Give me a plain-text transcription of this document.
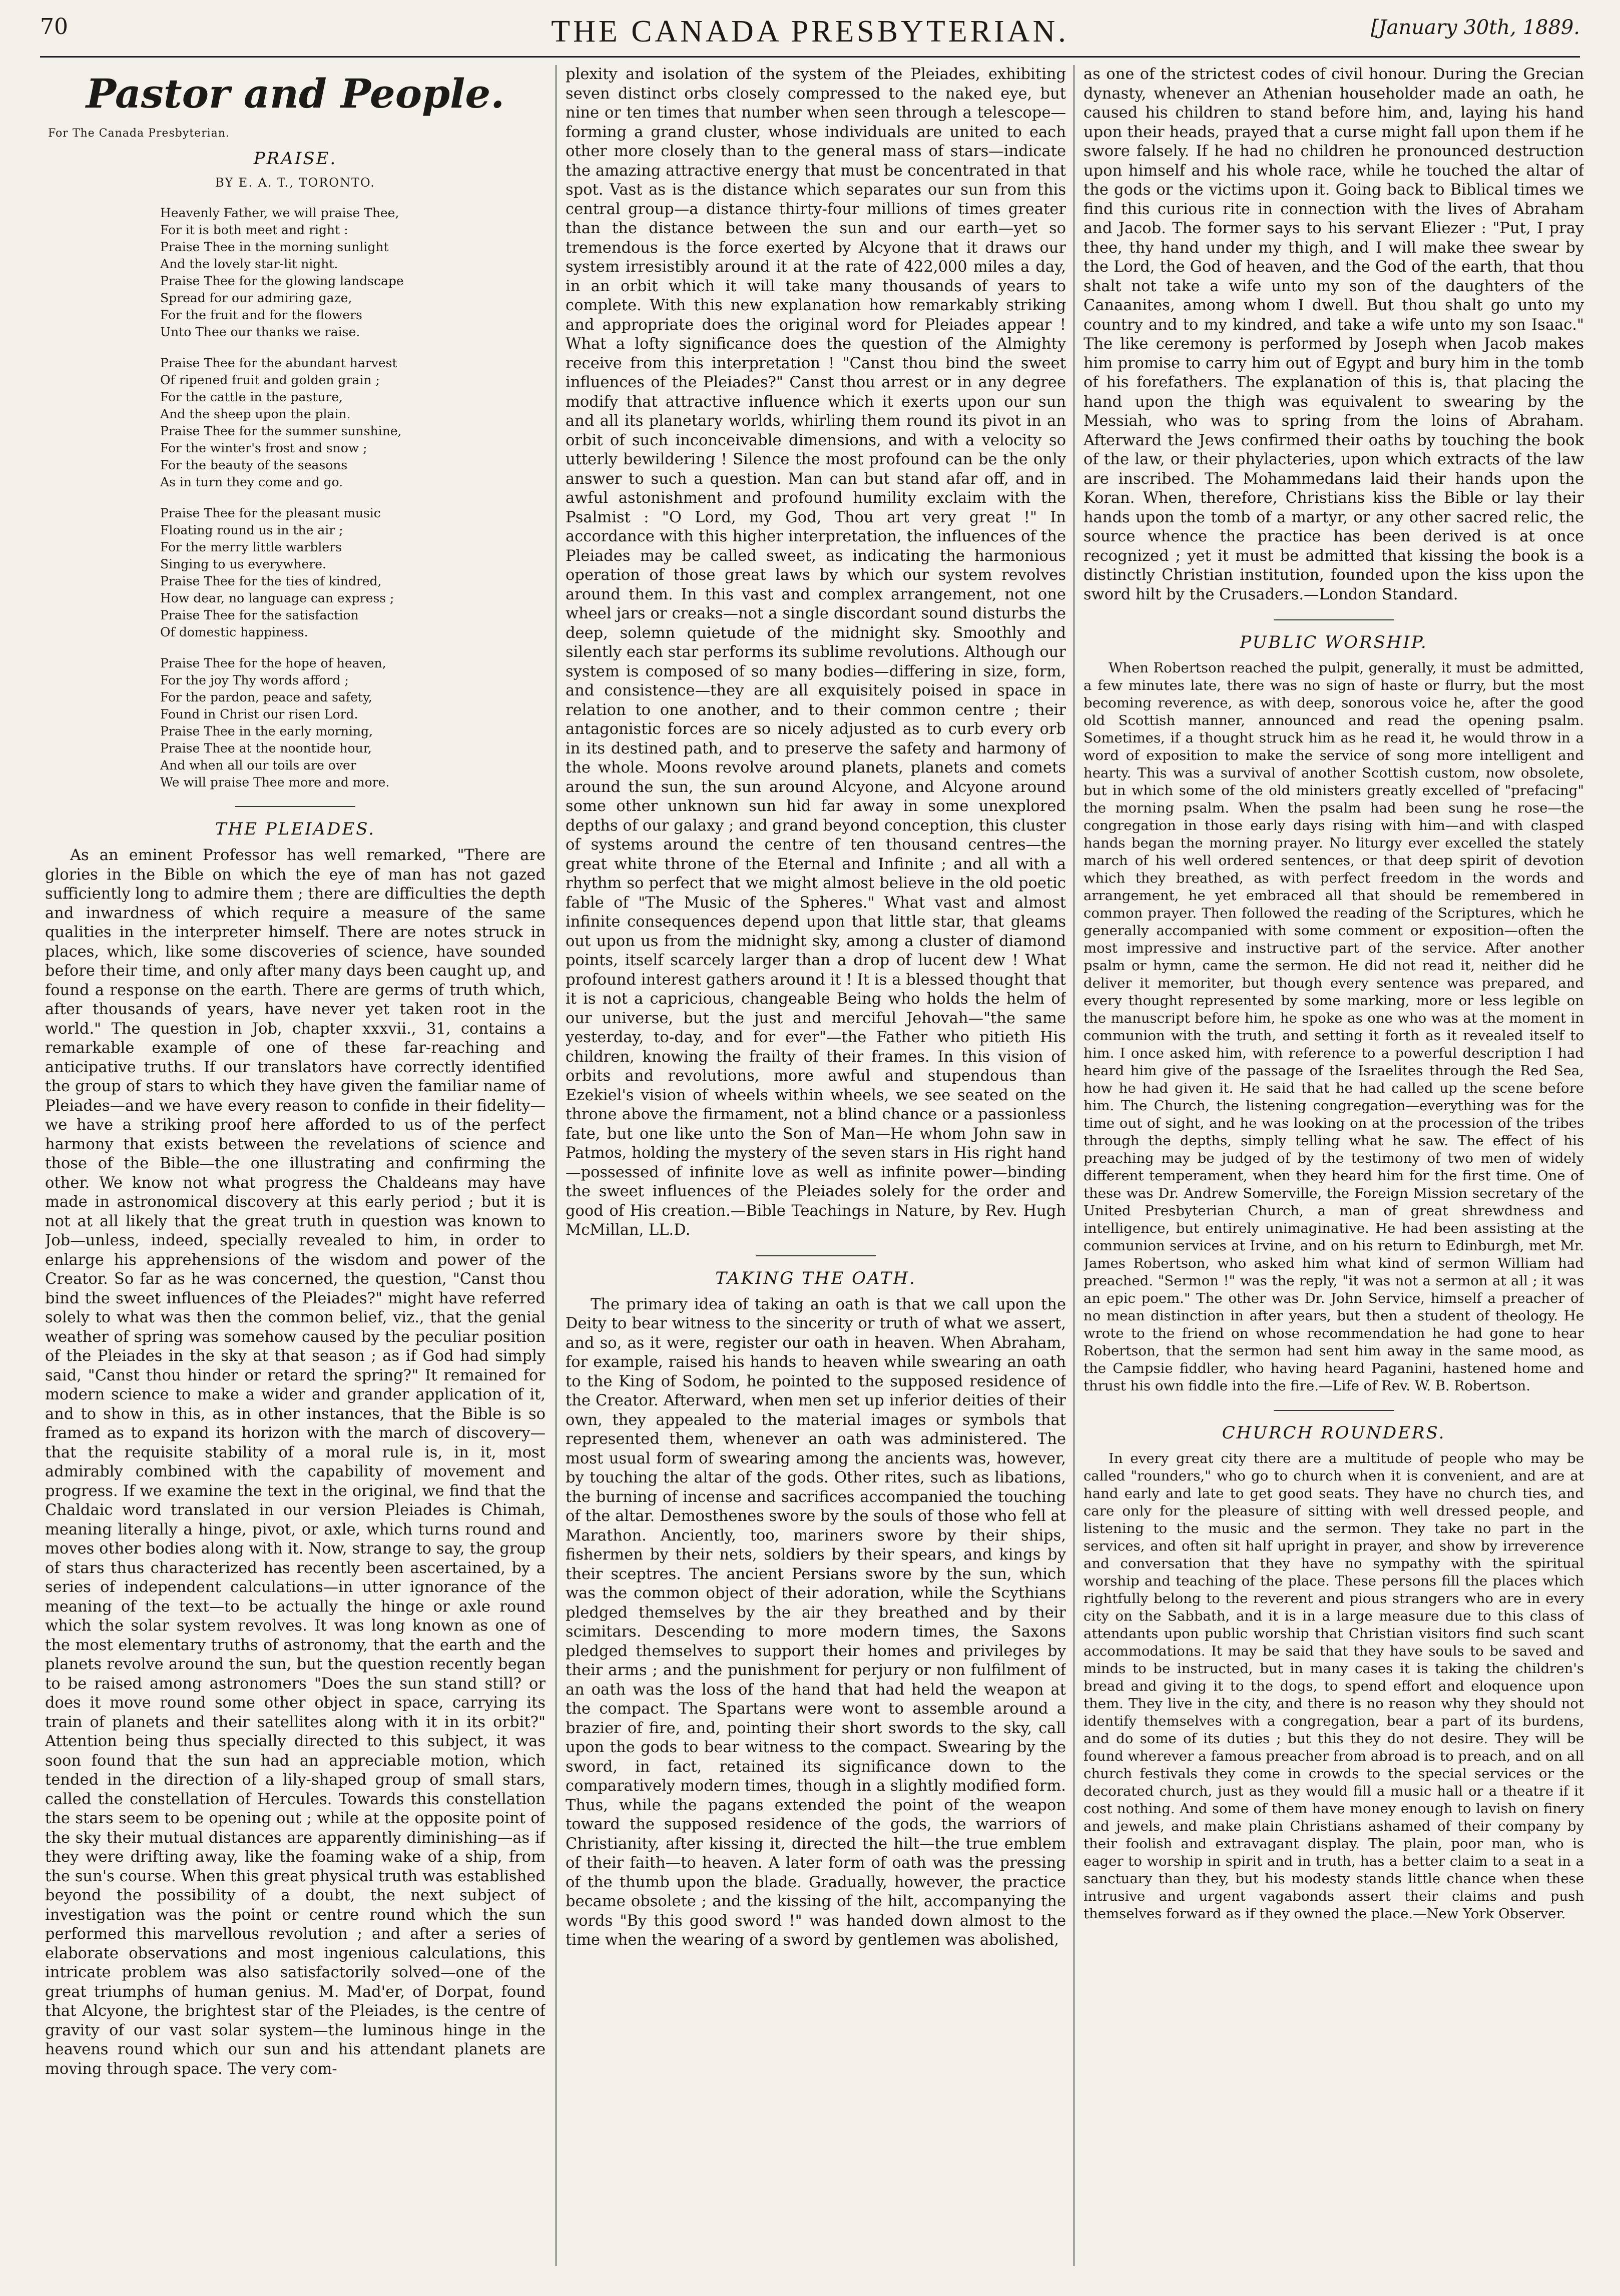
70	THE CANADA PRESBYTERIAN.	[January 30th, 1889.
Pastor and People.
For The Canada Presbyterian.
PRAISE.
BY E. A. T., TORONTO.
Heavenly Father, we will praise Thee,
For it is both meet and right :
Praise Thee in the morning sunlight
And the lovely star-lit night.
Praise Thee for the glowing landscape
Spread for our admiring gaze,
For the fruit and for the flowers
Unto Thee our thanks we raise.
Praise Thee for the abundant harvest
Of ripened fruit and golden grain ;
For the cattle in the pasture,
And the sheep upon the plain.
Praise Thee for the summer sunshine,
For the winter's frost and snow ;
For the beauty of the seasons
As in turn they come and go.
Praise Thee for the pleasant music
Floating round us in the air ;
For the merry little warblers
Singing to us everywhere.
Praise Thee for the ties of kindred,
How dear, no language can express ;
Praise Thee for the satisfaction
Of domestic happiness.
Praise Thee for the hope of heaven,
For the joy Thy words afford ;
For the pardon, peace and safety,
Found in Christ our risen Lord.
Praise Thee in the early morning,
Praise Thee at the noontide hour,
And when all our toils are over
We will praise Thee more and more.
THE PLEIADES.

As an eminent Professor has well remarked, "There are glories in the Bible on which the eye of man has not gazed sufficiently long to admire them ; there are difficulties the depth and inwardness of which require a measure of the same qualities in the interpreter himself. There are notes struck in places, which, like some discoveries of science, have sounded before their time, and only after many days been caught up, and found a response on the earth. There are germs of truth which, after thousands of years, have never yet taken root in the world." The question in Job, chapter xxxvii., 31, contains a remarkable example of one of these far-reaching and anticipative truths. If our translators have correctly identified the group of stars to which they have given the familiar name of Pleiades—and we have every reason to confide in their fidelity—we have a striking proof here afforded to us of the perfect harmony that exists between the revelations of science and those of the Bible—the one illustrating and confirming the other. We know not what progress the Chaldeans may have made in astronomical discovery at this early period ; but it is not at all likely that the great truth in question was known to Job—unless, indeed, specially revealed to him, in order to enlarge his apprehensions of the wisdom and power of the Creator. So far as he was concerned, the question, "Canst thou bind the sweet influences of the Pleiades?" might have referred solely to what was then the common belief, viz., that the genial weather of spring was somehow caused by the peculiar position of the Pleiades in the sky at that season ; as if God had simply said, "Canst thou hinder or retard the spring?" It remained for modern science to make a wider and grander application of it, and to show in this, as in other instances, that the Bible is so framed as to expand its horizon with the march of discovery—that the requisite stability of a moral rule is, in it, most admirably combined with the capability of movement and progress. If we examine the text in the original, we find that the Chaldaic word translated in our version Pleiades is Chimah, meaning literally a hinge, pivot, or axle, which turns round and moves other bodies along with it. Now, strange to say, the group of stars thus characterized has recently been ascertained, by a series of independent calculations—in utter ignorance of the meaning of the text—to be actually the hinge or axle round which the solar system revolves. It was long known as one of the most elementary truths of astronomy, that the earth and the planets revolve around the sun, but the question recently began to be raised among astronomers "Does the sun stand still? or does it move round some other object in space, carrying its train of planets and their satellites along with it in its orbit?" Attention being thus specially directed to this subject, it was soon found that the sun had an appreciable motion, which tended in the direction of a lily-shaped group of small stars, called the constellation of Hercules. Towards this constellation the stars seem to be opening out ; while at the opposite point of the sky their mutual distances are apparently diminishing—as if they were drifting away, like the foaming wake of a ship, from the sun's course. When this great physical truth was established beyond the possibility of a doubt, the next subject of investigation was the point or centre round which the sun performed this marvellous revolution ; and after a series of elaborate observations and most ingenious calculations, this intricate problem was also satisfactorily solved—one of the great triumphs of human genius. M. Mad'er, of Dorpat, found that Alcyone, the brightest star of the Pleiades, is the centre of gravity of our vast solar system—the luminous hinge in the heavens round which our sun and his attendant planets are moving through space. The very com-

plexity and isolation of the system of the Pleiades, exhibiting seven distinct orbs closely compressed to the naked eye, but nine or ten times that number when seen through a telescope—forming a grand cluster, whose individuals are united to each other more closely than to the general mass of stars—indicate the amazing attractive energy that must be concentrated in that spot. Vast as is the distance which separates our sun from this central group—a distance thirty-four millions of times greater than the distance between the sun and our earth—yet so tremendous is the force exerted by Alcyone that it draws our system irresistibly around it at the rate of 422,000 miles a day, in an orbit which it will take many thousands of years to complete. With this new explanation how remarkably striking and appropriate does the original word for Pleiades appear ! What a lofty significance does the question of the Almighty receive from this interpretation ! "Canst thou bind the sweet influences of the Pleiades?" Canst thou arrest or in any degree modify that attractive influence which it exerts upon our sun and all its planetary worlds, whirling them round its pivot in an orbit of such inconceivable dimensions, and with a velocity so utterly bewildering ! Silence the most profound can be the only answer to such a question. Man can but stand afar off, and in awful astonishment and profound humility exclaim with the Psalmist : "O Lord, my God, Thou art very great !" In accordance with this higher interpretation, the influences of the Pleiades may be called sweet, as indicating the harmonious operation of those great laws by which our system revolves around them. In this vast and complex arrangement, not one wheel jars or creaks—not a single discordant sound disturbs the deep, solemn quietude of the midnight sky. Smoothly and silently each star performs its sublime revolutions. Although our system is composed of so many bodies—differing in size, form, and consistence—they are all exquisitely poised in space in relation to one another, and to their common centre ; their antagonistic forces are so nicely adjusted as to curb every orb in its destined path, and to preserve the safety and harmony of the whole. Moons revolve around planets, planets and comets around the sun, the sun around Alcyone, and Alcyone around some other unknown sun hid far away in some unexplored depths of our galaxy ; and grand beyond conception, this cluster of systems around the centre of ten thousand centres—the great white throne of the Eternal and Infinite ; and all with a rhythm so perfect that we might almost believe in the old poetic fable of "The Music of the Spheres." What vast and almost infinite consequences depend upon that little star, that gleams out upon us from the midnight sky, among a cluster of diamond points, itself scarcely larger than a drop of lucent dew ! What profound interest gathers around it ! It is a blessed thought that it is not a capricious, changeable Being who holds the helm of our universe, but the just and merciful Jehovah—"the same yesterday, to-day, and for ever"—the Father who pitieth His children, knowing the frailty of their frames. In this vision of orbits and revolutions, more awful and stupendous than Ezekiel's vision of wheels within wheels, we see seated on the throne above the firmament, not a blind chance or a passionless fate, but one like unto the Son of Man—He whom John saw in Patmos, holding the mystery of the seven stars in His right hand—possessed of infinite love as well as infinite power—binding the sweet influences of the Pleiades solely for the order and good of His creation.—Bible Teachings in Nature, by Rev. Hugh McMillan, LL.D.

TAKING THE OATH.

The primary idea of taking an oath is that we call upon the Deity to bear witness to the sincerity or truth of what we assert, and so, as it were, register our oath in heaven. When Abraham, for example, raised his hands to heaven while swearing an oath to the King of Sodom, he pointed to the supposed residence of the Creator. Afterward, when men set up inferior deities of their own, they appealed to the material images or symbols that represented them, whenever an oath was administered. The most usual form of swearing among the ancients was, however, by touching the altar of the gods. Other rites, such as libations, the burning of incense and sacrifices accompanied the touching of the altar. Demosthenes swore by the souls of those who fell at Marathon. Anciently, too, mariners swore by their ships, fishermen by their nets, soldiers by their spears, and kings by their sceptres. The ancient Persians swore by the sun, which was the common object of their adoration, while the Scythians pledged themselves by the air they breathed and by their scimitars. Descending to more modern times, the Saxons pledged themselves to support their homes and privileges by their arms ; and the punishment for perjury or non fulfilment of an oath was the loss of the hand that had held the weapon at the compact. The Spartans were wont to assemble around a brazier of fire, and, pointing their short swords to the sky, call upon the gods to bear witness to the compact. Swearing by the sword, in fact, retained its significance down to the comparatively modern times, though in a slightly modified form. Thus, while the pagans extended the point of the weapon toward the supposed residence of the gods, the warriors of Christianity, after kissing it, directed the hilt—the true emblem of their faith—to heaven. A later form of oath was the pressing of the thumb upon the blade. Gradually, however, the practice became obsolete ; and the kissing of the hilt, accompanying the words "By this good sword !" was handed down almost to the time when the wearing of a sword by gentlemen was abolished,

as one of the strictest codes of civil honour. During the Grecian dynasty, whenever an Athenian householder made an oath, he caused his children to stand before him, and, laying his hand upon their heads, prayed that a curse might fall upon them if he swore falsely. If he had no children he pronounced destruction upon himself and his whole race, while he touched the altar of the gods or the victims upon it. Going back to Biblical times we find this curious rite in connection with the lives of Abraham and Jacob. The former says to his servant Eliezer : "Put, I pray thee, thy hand under my thigh, and I will make thee swear by the Lord, the God of heaven, and the God of the earth, that thou shalt not take a wife unto my son of the daughters of the Canaanites, among whom I dwell. But thou shalt go unto my country and to my kindred, and take a wife unto my son Isaac." The like ceremony is performed by Joseph when Jacob makes him promise to carry him out of Egypt and bury him in the tomb of his forefathers. The explanation of this is, that placing the hand upon the thigh was equivalent to swearing by the Messiah, who was to spring from the loins of Abraham. Afterward the Jews confirmed their oaths by touching the book of the law, or their phylacteries, upon which extracts of the law are inscribed. The Mohammedans laid their hands upon the Koran. When, therefore, Christians kiss the Bible or lay their hands upon the tomb of a martyr, or any other sacred relic, the source whence the practice has been derived is at once recognized ; yet it must be admitted that kissing the book is a distinctly Christian institution, founded upon the kiss upon the sword hilt by the Crusaders.—London Standard.

PUBLIC WORSHIP.

When Robertson reached the pulpit, generally, it must be admitted, a few minutes late, there was no sign of haste or flurry, but the most becoming reverence, as with deep, sonorous voice he, after the good old Scottish manner, announced and read the opening psalm. Sometimes, if a thought struck him as he read it, he would throw in a word of exposition to make the service of song more intelligent and hearty. This was a survival of another Scottish custom, now obsolete, but in which some of the old ministers greatly excelled of "prefacing" the morning psalm. When the psalm had been sung he rose—the congregation in those early days rising with him—and with clasped hands began the morning prayer. No liturgy ever excelled the stately march of his well ordered sentences, or that deep spirit of devotion which they breathed, as with perfect freedom in the words and arrangement, he yet embraced all that should be remembered in common prayer. Then followed the reading of the Scriptures, which he generally accompanied with some comment or exposition—often the most impressive and instructive part of the service. After another psalm or hymn, came the sermon. He did not read it, neither did he deliver it memoriter, but though every sentence was prepared, and every thought represented by some marking, more or less legible on the manuscript before him, he spoke as one who was at the moment in communion with the truth, and setting it forth as it revealed itself to him. I once asked him, with reference to a powerful description I had heard him give of the passage of the Israelites through the Red Sea, how he had given it. He said that he had called up the scene before him. The Church, the listening congregation—everything was for the time out of sight, and he was looking on at the procession of the tribes through the depths, simply telling what he saw. The effect of his preaching may be judged of by the testimony of two men of widely different temperament, when they heard him for the first time. One of these was Dr. Andrew Somerville, the Foreign Mission secretary of the United Presbyterian Church, a man of great shrewdness and intelligence, but entirely unimaginative. He had been assisting at the communion services at Irvine, and on his return to Edinburgh, met Mr. James Robertson, who asked him what kind of sermon William had preached. "Sermon !" was the reply, "it was not a sermon at all ; it was an epic poem." The other was Dr. John Service, himself a preacher of no mean distinction in after years, but then a student of theology. He wrote to the friend on whose recommendation he had gone to hear Robertson, that the sermon had sent him away in the same mood, as the Campsie fiddler, who having heard Paganini, hastened home and thrust his own fiddle into the fire.—Life of Rev. W. B. Robertson.

CHURCH ROUNDERS.

In every great city there are a multitude of people who may be called "rounders," who go to church when it is convenient, and are at hand early and late to get good seats. They have no church ties, and care only for the pleasure of sitting with well dressed people, and listening to the music and the sermon. They take no part in the services, and often sit half upright in prayer, and show by irreverence and conversation that they have no sympathy with the spiritual worship and teaching of the place. These persons fill the places which rightfully belong to the reverent and pious strangers who are in every city on the Sabbath, and it is in a large measure due to this class of attendants upon public worship that Christian visitors find such scant accommodations. It may be said that they have souls to be saved and minds to be instructed, but in many cases it is taking the children's bread and giving it to the dogs, to spend effort and eloquence upon them. They live in the city, and there is no reason why they should not identify themselves with a congregation, bear a part of its burdens, and do some of its duties ; but this they do not desire. They will be found wherever a famous preacher from abroad is to preach, and on all church festivals they come in crowds to the special services or the decorated church, just as they would fill a music hall or a theatre if it cost nothing. And some of them have money enough to lavish on finery and jewels, and make plain Christians ashamed of their company by their foolish and extravagant display. The plain, poor man, who is eager to worship in spirit and in truth, has a better claim to a seat in a sanctuary than they, but his modesty stands little chance when these intrusive and urgent vagabonds assert their claims and push themselves forward as if they owned the place.—New York Observer.
